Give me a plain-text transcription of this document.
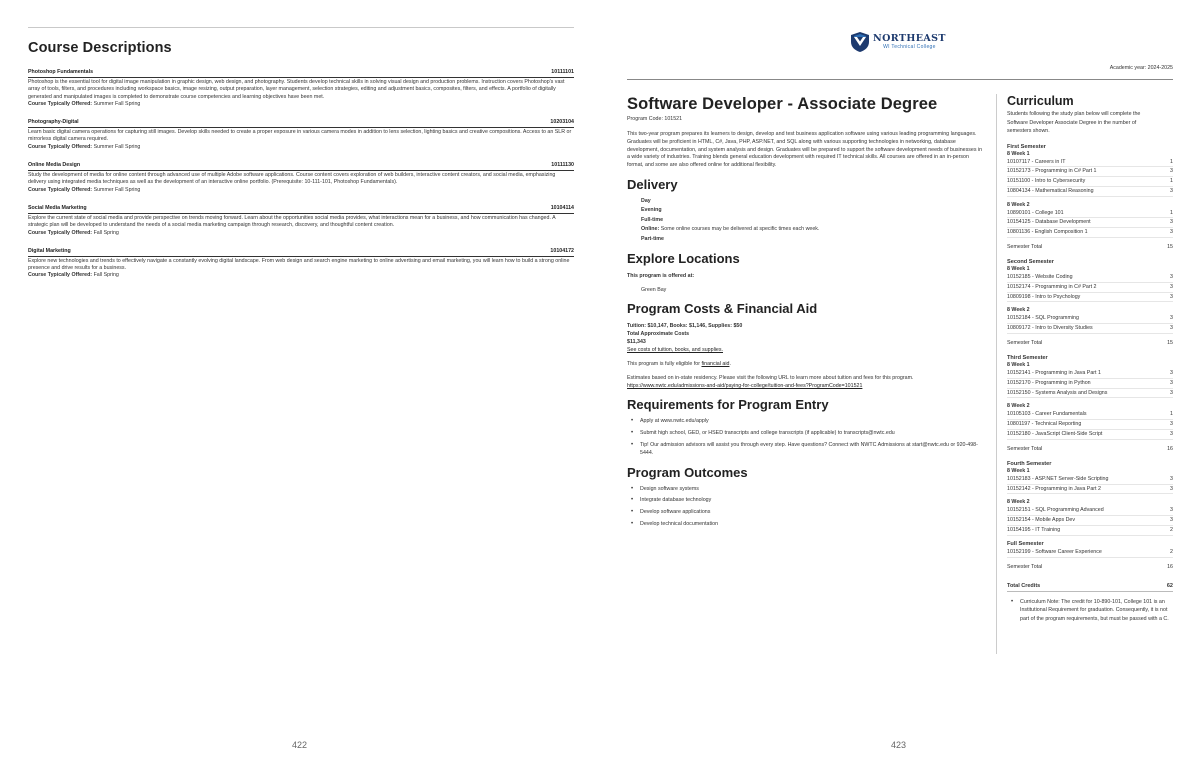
Course Descriptions
Photoshop Fundamentals	10111101
Photoshop is the essential tool for digital image manipulation in graphic design, web design, and photography. Students develop technical skills in solving visual design and production problems. Instruction covers Photoshop's vast array of tools, filters, and procedures including workspace basics, image resizing, output preparation, layer management, selection strategies, editing and adjustment basics, composites, filters, and effects. A portfolio of digitally generated and manipulated images is completed to demonstrate course competencies and learning objectives have been met.
Course Typically Offered: Summer Fall Spring
Photography-Digital	10203104
Learn basic digital camera operations for capturing still images. Develop skills needed to create a proper exposure in various camera modes in addition to lens selection, lighting basics and creative compositions. Access to an SLR or mirrorless digital camera required.
Course Typically Offered: Summer Fall Spring
Online Media Design	10111130
Study the development of media for online content through advanced use of multiple Adobe software applications. Course content covers exploration of web builders, interactive content creators, and social media, emphasizing delivery using integrated media techniques as well as the development of an interactive online portfolio. (Prerequisite: 10-111-101, Photoshop Fundamentals).
Course Typically Offered: Summer Fall Spring
Social Media Marketing	10104114
Explore the current state of social media and provide perspective on trends moving forward. Learn about the opportunities social media provides, what interactions mean for a business, and how communication has changed. A strategic plan will be developed to understand the needs of a social media marketing campaign through research, discovery, and thoughtful content creation.
Course Typically Offered: Fall Spring
Digital Marketing	10104172
Explore new technologies and trends to effectively navigate a constantly evolving digital landscape. From web design and search engine marketing to online advertising and email marketing, you will learn how to build a strong online presence and drive results for a business.
Course Typically Offered: Fall Spring
422
NORTHEAST
WI Technical College
Academic year: 2024-2025
Software Developer - Associate Degree
Program Code: 101521
This two-year program prepares its learners to design, develop and test business application software using various leading programming languages. Graduates will be proficient in HTML, C#, Java, PHP, ASP.NET, and SQL along with various supporting technologies in networking, database development, documentation, and system analysis and design. Graduates will be prepared to support the software development needs of businesses in a wide variety of industries. Training blends general education development with required IT technical skills. All courses are offered in an in-person format, and some are also offered online for additional flexibility.
Delivery
Day
Evening
Full-time
Online: Some online courses may be delivered at specific times each week.
Part-time
Explore Locations
This program is offered at:
Green Bay
Program Costs & Financial Aid
Tuition: $10,147, Books: $1,146, Supplies: $50
Total Approximate Costs
$11,343
See costs of tuition, books, and supplies.
This program is fully eligible for financial aid.
Estimates based on in-state residency. Please visit the following URL to learn more about tuition and fees for this program.
https://www.nwtc.edu/admissions-and-aid/paying-for-college/tuition-and-fees?ProgramCode=101521
Requirements for Program Entry
• Apply at www.nwtc.edu/apply
• Submit high school, GED, or HSED transcripts and college transcripts (if applicable) to transcripts@nwtc.edu
• Tip! Our admission advisors will assist you through every step. Have questions? Connect with NWTC Admissions at start@nwtc.edu or 920-498-5444.
Program Outcomes
• Design software systems
• Integrate database technology
• Develop software applications
• Develop technical documentation
Curriculum
Students following the study plan below will complete the Software Developer Associate Degree in the number of semesters shown.
First Semester
8 Week 1
10107117 - Careers in IT	1
10152173 - Programming in C# Part 1	3
10151100 - Intro to Cybersecurity	1
10804134 - Mathematical Reasoning	3
8 Week 2
10890101 - College 101	1
10154125 - Database Development	3
10801136 - English Composition 1	3
Semester Total	15
Second Semester
8 Week 1
10152185 - Website Coding	3
10152174 - Programming in C# Part 2	3
10809198 - Intro to Psychology	3
8 Week 2
10152184 - SQL Programming	3
10809172 - Intro to Diversity Studies	3
Semester Total	15
Third Semester
8 Week 1
10152141 - Programming in Java Part 1	3
10152170 - Programming in Python	3
10152150 - Systems Analysis and Designs	3
8 Week 2
10105103 - Career Fundamentals	1
10801197 - Technical Reporting	3
10152180 - JavaScript Client-Side Script	3
Semester Total	16
Fourth Semester
8 Week 1
10152183 - ASP.NET Server-Side Scripting	3
10152142 - Programming in Java Part 2	3
8 Week 2
10152151 - SQL Programming Advanced	3
10152154 - Mobile Apps Dev	3
10154195 - IT Training	2
Full Semester
10152199 - Software Career Experience	2
Semester Total	16
Total Credits	62
• Curriculum Note: The credit for 10-890-101, College 101 is an Institutional Requirement for graduation. Consequently, it is not part of the program requirements, but must be passed with a C.
423
